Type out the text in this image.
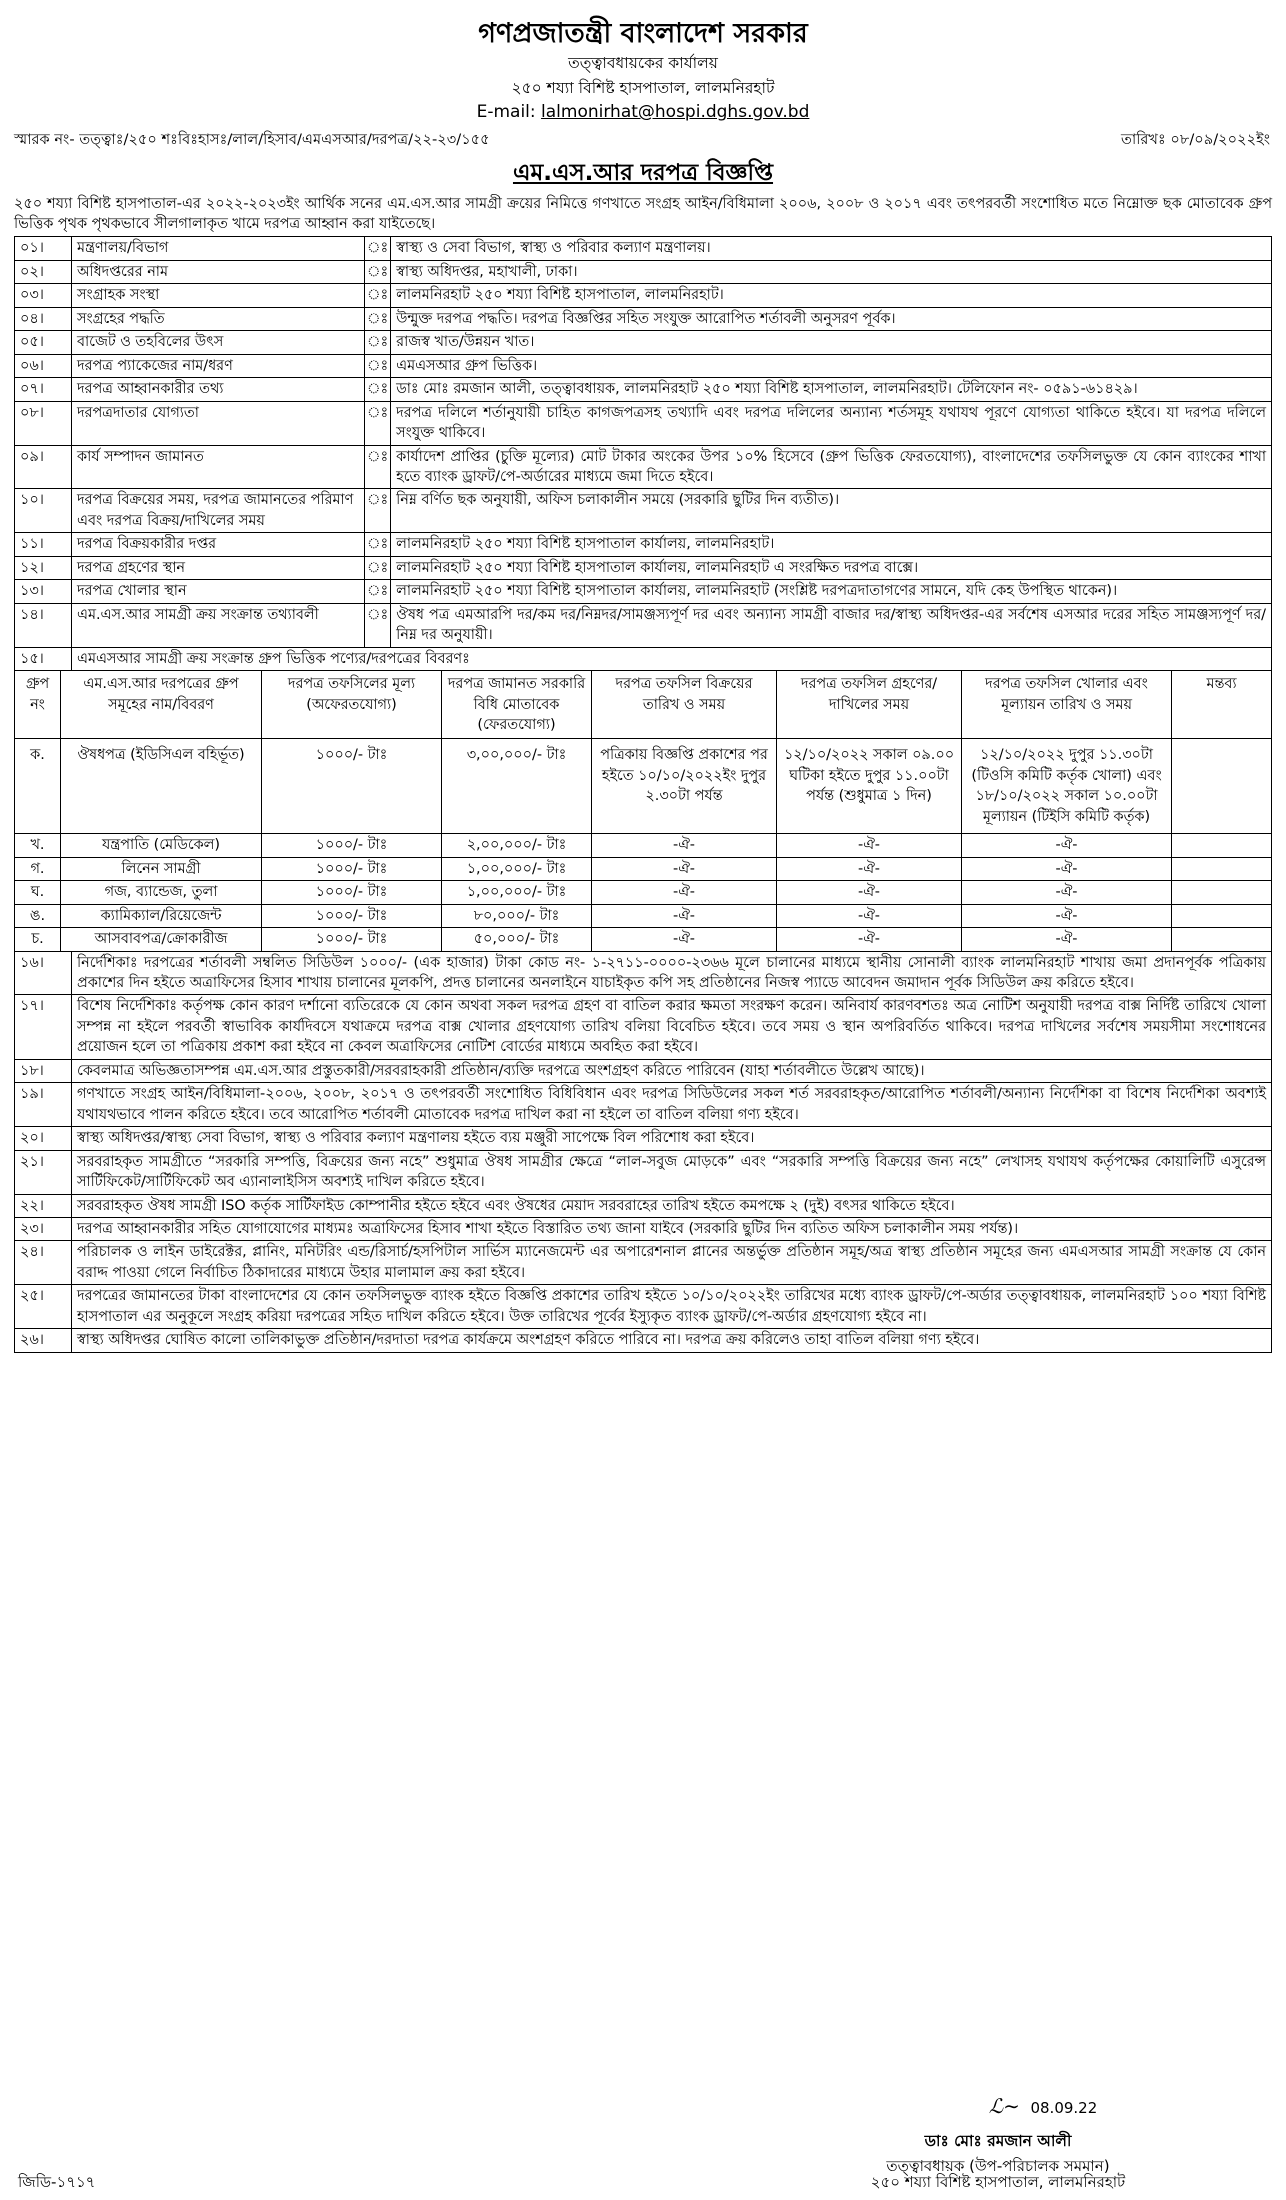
গণপ্রজাতন্ত্রী বাংলাদেশ সরকার
তত্ত্বাবধায়কের কার্যালয়
২৫০ শয্যা বিশিষ্ট হাসপাতাল, লালমনিরহাট
E-mail: lalmonirhat@hospi.dghs.gov.bd
স্মারক নং- তত্ত্বাঃ/২৫০ শঃবিঃহাসঃ/লাল/হিসাব/এমএসআর/দরপত্র/২২-২৩/১৫৫	তারিখঃ ০৮/০৯/২০২২ইং
এম.এস.আর দরপত্র বিজ্ঞপ্তি
২৫০ শয্যা বিশিষ্ট হাসপাতাল-এর ২০২২-২০২৩ইং আর্থিক সনের এম.এস.আর সামগ্রী ক্রয়ের নিমিত্তে গণখাতে সংগ্রহ আইন/বিধিমালা ২০০৬, ২০০৮ ও ২০১৭ এবং তৎপরবর্তী সংশোধিত মতে নিম্নোক্ত ছক মোতাবেক গ্রুপ ভিত্তিক পৃথক পৃথকভাবে সীলগালাকৃত খামে দরপত্র আহ্বান করা যাইতেছে।
০১।	মন্ত্রণালয়/বিভাগ	ঃ	স্বাস্থ্য ও সেবা বিভাগ, স্বাস্থ্য ও পরিবার কল্যাণ মন্ত্রণালয়।
০২।	অধিদপ্তরের নাম	ঃ	স্বাস্থ্য অধিদপ্তর, মহাখালী, ঢাকা।
০৩।	সংগ্রাহক সংস্থা	ঃ	লালমনিরহাট ২৫০ শয্যা বিশিষ্ট হাসপাতাল, লালমনিরহাট।
০৪।	সংগ্রহের পদ্ধতি	ঃ	উন্মুক্ত দরপত্র পদ্ধতি। দরপত্র বিজ্ঞপ্তির সহিত সংযুক্ত আরোপিত শর্তাবলী অনুসরণ পূর্বক।
০৫।	বাজেট ও তহবিলের উৎস	ঃ	রাজস্ব খাত/উন্নয়ন খাত।
০৬।	দরপত্র প্যাকেজের নাম/ধরণ	ঃ	এমএসআর গ্রুপ ভিত্তিক।
০৭।	দরপত্র আহ্বানকারীর তথ্য	ঃ	ডাঃ মোঃ রমজান আলী, তত্ত্বাবধায়ক, লালমনিরহাট ২৫০ শয্যা বিশিষ্ট হাসপাতাল, লালমনিরহাট। টেলিফোন নং- ০৫৯১-৬১৪২৯।
০৮।	দরপত্রদাতার যোগ্যতা	ঃ	দরপত্র দলিলে শর্তানুযায়ী চাহিত কাগজপত্রসহ তথ্যাদি এবং দরপত্র দলিলের অন্যান্য শর্তসমূহ যথাযথ পূরণে যোগ্যতা থাকিতে হইবে। যা দরপত্র দলিলে সংযুক্ত থাকিবে।
০৯।	কার্য সম্পাদন জামানত	ঃ	কার্যাদেশ প্রাপ্তির (চুক্তি মূল্যের) মোট টাকার অংকের উপর ১০% হিসেবে (গ্রুপ ভিত্তিক ফেরতযোগ্য), বাংলাদেশের তফসিলভুক্ত যে কোন ব্যাংকের শাখা হতে ব্যাংক ড্রাফট/পে-অর্ডারের মাধ্যমে জমা দিতে হইবে।
১০।	দরপত্র বিক্রয়ের সময়, দরপত্র জামানতের পরিমাণ এবং দরপত্র বিক্রয়/দাখিলের সময়	ঃ	নিম্ন বর্ণিত ছক অনুযায়ী, অফিস চলাকালীন সময়ে (সরকারি ছুটির দিন ব্যতীত)।
১১।	দরপত্র বিক্রয়কারীর দপ্তর	ঃ	লালমনিরহাট ২৫০ শয্যা বিশিষ্ট হাসপাতাল কার্যালয়, লালমনিরহাট।
১২।	দরপত্র গ্রহণের স্থান	ঃ	লালমনিরহাট ২৫০ শয্যা বিশিষ্ট হাসপাতাল কার্যালয়, লালমনিরহাট এ সংরক্ষিত দরপত্র বাক্সে।
১৩।	দরপত্র খোলার স্থান	ঃ	লালমনিরহাট ২৫০ শয্যা বিশিষ্ট হাসপাতাল কার্যালয়, লালমনিরহাট (সংশ্লিষ্ট দরপত্রদাতাগণের সামনে, যদি কেহ উপস্থিত থাকেন)।
১৪।	এম.এস.আর সামগ্রী ক্রয় সংক্রান্ত তথ্যাবলী	ঃ	ঔষধ পত্র এমআরপি দর/কম দর/নিম্নদর/সামঞ্জস্যপূর্ণ দর এবং অন্যান্য সামগ্রী বাজার দর/স্বাস্থ্য অধিদপ্তর-এর সর্বশেষ এসআর দরের সহিত সামঞ্জস্যপূর্ণ দর/নিম্ন দর অনুযায়ী।
১৫।	এমএসআর সামগ্রী ক্রয় সংক্রান্ত গ্রুপ ভিত্তিক পণ্যের/দরপত্রের বিবরণঃ
গ্রুপ নং	এম.এস.আর দরপত্রের গ্রুপ সমূহের নাম/বিবরণ	দরপত্র তফসিলের মূল্য (অফেরতযোগ্য)	দরপত্র জামানত সরকারি বিধি মোতাবেক (ফেরতযোগ্য)	দরপত্র তফসিল বিক্রয়ের তারিখ ও সময়	দরপত্র তফসিল গ্রহণের/দাখিলের সময়	দরপত্র তফসিল খোলার এবং মূল্যায়ন তারিখ ও সময়	মন্তব্য
ক.	ঔষধপত্র (ইডিসিএল বহির্ভূত)	১০০০/- টাঃ	৩,০০,০০০/- টাঃ	পত্রিকায় বিজ্ঞপ্তি প্রকাশের পর হইতে ১০/১০/২০২২ইং দুপুর ২.৩০টা পর্যন্ত	১২/১০/২০২২ সকাল ০৯.০০ ঘটিকা হইতে দুপুর ১১.০০টা পর্যন্ত (শুধুমাত্র ১ দিন)	১২/১০/২০২২ দুপুর ১১.৩০টা (টিওসি কমিটি কর্তৃক খোলা) এবং ১৮/১০/২০২২ সকাল ১০.০০টা মূল্যায়ন (টিইসি কমিটি কর্তৃক)	
খ.	যন্ত্রপাতি (মেডিকেল)	১০০০/- টাঃ	২,০০,০০০/- টাঃ	-ঐ-	-ঐ-	-ঐ-	
গ.	লিনেন সামগ্রী	১০০০/- টাঃ	১,০০,০০০/- টাঃ	-ঐ-	-ঐ-	-ঐ-	
ঘ.	গজ, ব্যান্ডেজ, তুলা	১০০০/- টাঃ	১,০০,০০০/- টাঃ	-ঐ-	-ঐ-	-ঐ-	
ঙ.	ক্যামিক্যাল/রিয়েজেন্ট	১০০০/- টাঃ	৮০,০০০/- টাঃ	-ঐ-	-ঐ-	-ঐ-	
চ.	আসবাবপত্র/ক্রোকারীজ	১০০০/- টাঃ	৫০,০০০/- টাঃ	-ঐ-	-ঐ-	-ঐ-	
১৬।	নির্দেশিকাঃ দরপত্রের শর্তাবলী সম্বলিত সিডিউল ১০০০/- (এক হাজার) টাকা কোড নং- ১-২৭১১-০০০০-২৩৬৬ মূলে চালানের মাধ্যমে স্থানীয় সোনালী ব্যাংক লালমনিরহাট শাখায় জমা প্রদানপূর্বক পত্রিকায় প্রকাশের দিন হইতে অত্রাফিসের হিসাব শাখায় চালানের মূলকপি, প্রদত্ত চালানের অনলাইনে যাচাইকৃত কপি সহ প্রতিষ্ঠানের নিজস্ব প্যাডে আবেদন জমাদান পূর্বক সিডিউল ক্রয় করিতে হইবে।
১৭।	বিশেষ নির্দেশিকাঃ কর্তৃপক্ষ কোন কারণ দর্শানো ব্যতিরেকে যে কোন অথবা সকল দরপত্র গ্রহণ বা বাতিল করার ক্ষমতা সংরক্ষণ করেন। অনিবার্য কারণবশতঃ অত্র নোটিশ অনুযায়ী দরপত্র বাক্স নির্দিষ্ট তারিখে খোলা সম্পন্ন না হইলে পরবর্তী স্বাভাবিক কার্যদিবসে যথাক্রমে দরপত্র বাক্স খোলার গ্রহণযোগ্য তারিখ বলিয়া বিবেচিত হইবে। তবে সময় ও স্থান অপরিবর্তিত থাকিবে। দরপত্র দাখিলের সর্বশেষ সময়সীমা সংশোধনের প্রয়োজন হলে তা পত্রিকায় প্রকাশ করা হইবে না কেবল অত্রাফিসের নোটিশ বোর্ডের মাধ্যমে অবহিত করা হইবে।
১৮।	কেবলমাত্র অভিজ্ঞতাসম্পন্ন এম.এস.আর প্রস্তুতকারী/সরবরাহকারী প্রতিষ্ঠান/ব্যক্তি দরপত্রে অংশগ্রহণ করিতে পারিবেন (যাহা শর্তাবলীতে উল্লেখ আছে)।
১৯।	গণখাতে সংগ্রহ আইন/বিধিমালা-২০০৬, ২০০৮, ২০১৭ ও তৎপরবর্তী সংশোধিত বিধিবিধান এবং দরপত্র সিডিউলের সকল শর্ত সরবরাহকৃত/আরোপিত শর্তাবলী/অন্যান্য নির্দেশিকা বা বিশেষ নির্দেশিকা অবশ্যই যথাযথভাবে পালন করিতে হইবে। তবে আরোপিত শর্তাবলী মোতাবেক দরপত্র দাখিল করা না হইলে তা বাতিল বলিয়া গণ্য হইবে।
২০।	স্বাস্থ্য অধিদপ্তর/স্বাস্থ্য সেবা বিভাগ, স্বাস্থ্য ও পরিবার কল্যাণ মন্ত্রণালয় হইতে ব্যয় মঞ্জুরী সাপেক্ষে বিল পরিশোধ করা হইবে।
২১।	সরবরাহকৃত সামগ্রীতে “সরকারি সম্পত্তি, বিক্রয়ের জন্য নহে” শুধুমাত্র ঔষধ সামগ্রীর ক্ষেত্রে “লাল-সবুজ মোড়কে” এবং “সরকারি সম্পত্তি বিক্রয়ের জন্য নহে” লেখাসহ যথাযথ কর্তৃপক্ষের কোয়ালিটি এসুরেন্স সার্টিফিকেট/সার্টিফিকেট অব এ্যানালাইসিস অবশ্যই দাখিল করিতে হইবে।
২২।	সরবরাহকৃত ঔষধ সামগ্রী ISO কর্তৃক সার্টিফাইড কোম্পানীর হইতে হইবে এবং ঔষধের মেয়াদ সরবরাহের তারিখ হইতে কমপক্ষে ২ (দুই) বৎসর থাকিতে হইবে।
২৩।	দরপত্র আহ্বানকারীর সহিত যোগাযোগের মাধ্যমঃ অত্রাফিসের হিসাব শাখা হইতে বিস্তারিত তথ্য জানা যাইবে (সরকারি ছুটির দিন ব্যতিত অফিস চলাকালীন সময় পর্যন্ত)।
২৪।	পরিচালক ও লাইন ডাইরেক্টর, প্লানিং, মনিটরিং এন্ড/রিসার্চ/হসপিটাল সার্ভিস ম্যানেজমেন্ট এর অপারেশনাল প্লানের অন্তর্ভুক্ত প্রতিষ্ঠান সমূহ/অত্র স্বাস্থ্য প্রতিষ্ঠান সমূহের জন্য এমএসআর সামগ্রী সংক্রান্ত যে কোন বরাদ্দ পাওয়া গেলে নির্বাচিত ঠিকাদারের মাধ্যমে উহার মালামাল ক্রয় করা হইবে।
২৫।	দরপত্রের জামানতের টাকা বাংলাদেশের যে কোন তফসিলভুক্ত ব্যাংক হইতে বিজ্ঞপ্তি প্রকাশের তারিখ হইতে ১০/১০/২০২২ইং তারিখের মধ্যে ব্যাংক ড্রাফট/পে-অর্ডার তত্ত্বাবধায়ক, লালমনিরহাট ১০০ শয্যা বিশিষ্ট হাসপাতাল এর অনুকূলে সংগ্রহ করিয়া দরপত্রের সহিত দাখিল করিতে হইবে। উক্ত তারিখের পূর্বের ইস্যুকৃত ব্যাংক ড্রাফট/পে-অর্ডার গ্রহণযোগ্য হইবে না।
২৬।	স্বাস্থ্য অধিদপ্তর ঘোষিত কালো তালিকাভুক্ত প্রতিষ্ঠান/দরদাতা দরপত্র কার্যক্রমে অংশগ্রহণ করিতে পারিবে না। দরপত্র ক্রয় করিলেও তাহা বাতিল বলিয়া গণ্য হইবে।
ℒ∼ 08.09.22
ডাঃ মোঃ রমজান আলী
তত্ত্বাবধায়ক (উপ-পরিচালক সমমান)
জিডি-১৭১৭	২৫০ শয্যা বিশিষ্ট হাসপাতাল, লালমনিরহাট
